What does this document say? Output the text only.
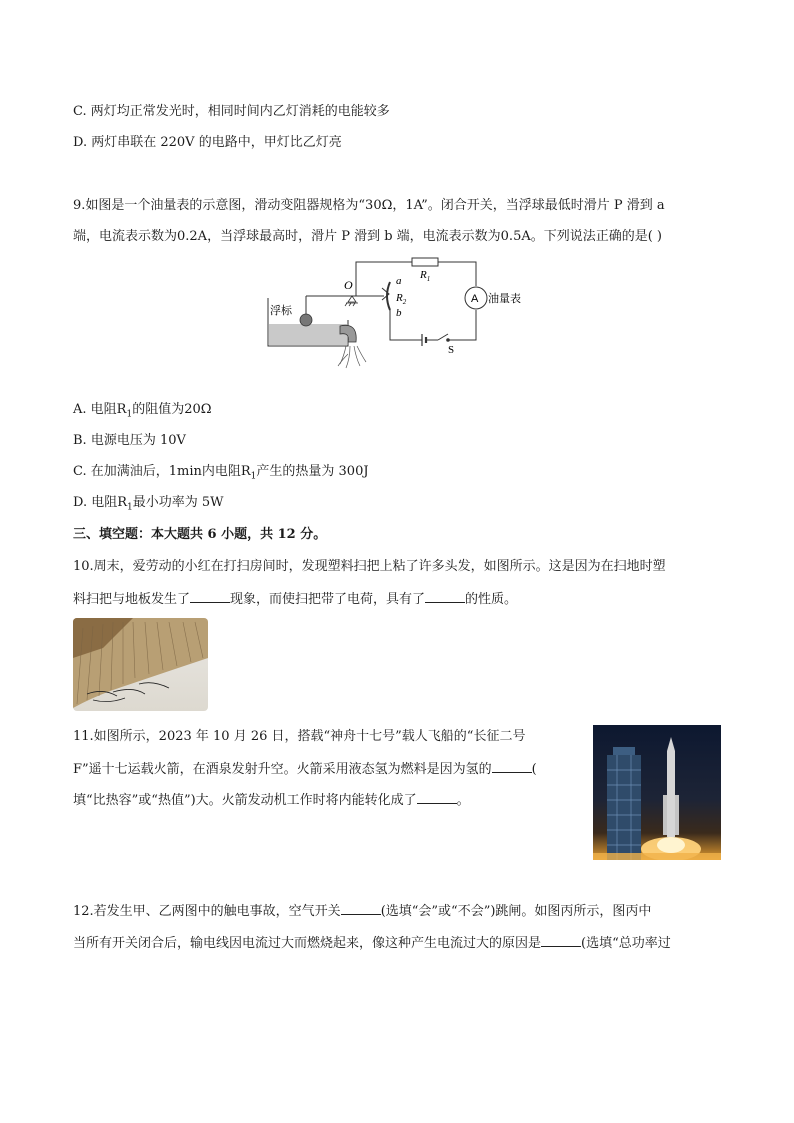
C. 两灯均正常发光时，相同时间内乙灯消耗的电能较多
D. 两灯串联在 220V 的电路中，甲灯比乙灯亮
9.如图是一个油量表的示意图，滑动变阻器规格为“30Ω，1A”。闭合开关，当浮球最低时滑片 P 滑到 a
端，电流表示数为0.2A，当浮球最高时，滑片 P 滑到 b 端，电流表示数为0.5A。下列说法正确的是( )
O	a
$R_2$
b
$R_1$
A 油量表
浮标
S
A. 电阻$R_1$的阻值为20Ω
B. 电源电压为 10V
C. 在加满油后，1min内电阻$R_1$产生的热量为 300J
D. 电阻$R_1$最小功率为 5W
三、填空题：本大题共 6 小题，共 12 分。
10.周末，爱劳动的小红在打扫房间时，发现塑料扫把上粘了许多头发，如图所示。这是因为在扫地时塑
料扫把与地板发生了	现象，而使扫把带了电荷，具有了	的性质。
11.如图所示，2023 年 10 月 26 日，搭载“神舟十七号”载人飞船的“长征二号
F”遥十七运载火箭，在酒泉发射升空。火箭采用液态氢为燃料是因为氢的	(
填“比热容”或“热值”)大。火箭发动机工作时将内能转化成了	。
12.若发生甲、乙两图中的触电事故，空气开关	(选填“会”或“不会”)跳闸。如图丙所示，图丙中
当所有开关闭合后，输电线因电流过大而燃烧起来，像这种产生电流过大的原因是	(选填“总功率过
